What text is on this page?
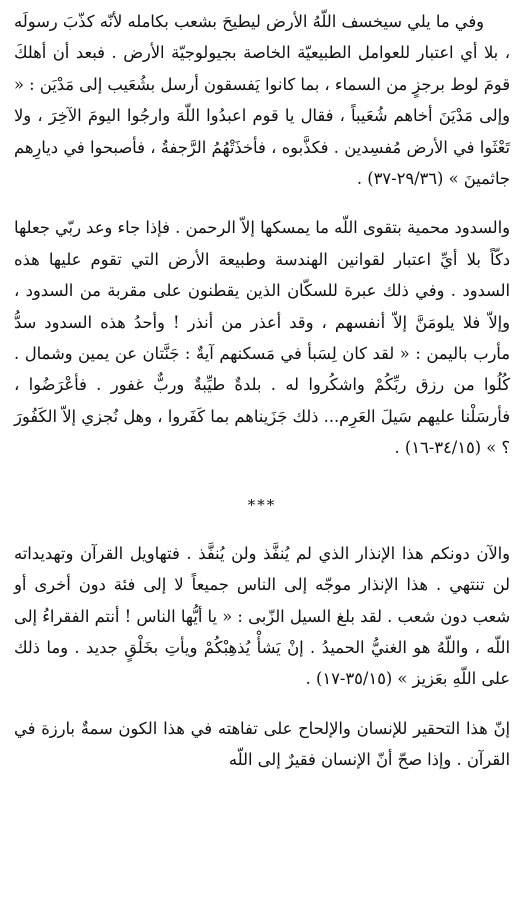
وفي ما يلي سيخسف اللّهُ الأرض ليطيحَ بشعب بكامله لأنّه كذّبَ رسولَه ، بلا أي اعتبار للعوامل الطبيعيّة الخاصة بجيولوجيّة الأرض . فبعد أن أهلكَ قومَ لوط برجزٍ من السماء ، بما كانوا يَفسقون أرسل بشُعَيب إلى مَدْيَن : « وإلى مَدْيَنَ أخاهم شُعَيباً ، فقال يا قوم اعبدُوا اللّهَ وارجُوا اليومَ الآخِرَ ، ولا تَعْثَوا في الأرض مُفسِدين . فكذَّبوه ، فأخذَتْهُمُ الرَّجفةُ ، فأصبحوا في ديارِهم جاثمينَ » (٢٩/٣٦-٣٧) .

والسدود محمية بتقوى اللّه ما يمسكها إلاّ الرحمن . فإذا جاء وعد ربّي جعلها دكّاً بلا أيِّ اعتبار لقوانين الهندسة وطبيعة الأرض التي تقوم عليها هذه السدود . وفي ذلك عبرة للسكّان الذين يقطنون على مقربة من السدود ، وإلاّ فلا يلومَنَّ إلاّ أنفسهم ، وقد أعذر من أنذر ! وأحدُ هذه السدود سدُّ مأرب باليمن : « لقد كان لِسَبأ في مَسكنهم آيةٌ : جَنَّتان عن يمين وشمال . كُلُوا من رزق ربِّكُمْ واشكُروا له . بلدةٌ طيِّبةٌ وربٌّ غفور . فأعْرَضُوا ، فأرسَلْنا عليهم سَيلَ العَرِم... ذلك جَزَيناهم بما كَفَروا ، وهل نُجزي إلاّ الكَفُورَ ؟ » (٣٤/١٥-١٦) .

***

والآن دونكم هذا الإنذار الذي لم يُنفَّذ ولن يُنفَّذ . فتهاويل القرآن وتهديداته لن تنتهي . هذا الإنذار موجّه إلى الناس جميعاً لا إلى فئة دون أخرى أو شعب دون شعب . لقد بلغ السيل الزّبى : « يا أيُّها الناس ! أنتم الفقراءُ إلى اللّه ، واللّهُ هو الغنيُّ الحميدُ . إنْ يَشأْ يُذهِبْكُمْ ويأتِ بخَلْقٍ جديد . وما ذلك على اللّهِ بعَزيز » (٣٥/١٥-١٧) .

إنّ هذا التحقير للإنسان والإلحاح على تفاهته في هذا الكون سمةٌ بارزة في القرآن . وإذا صحّ أنّ الإنسان فقيرٌ إلى اللّه
